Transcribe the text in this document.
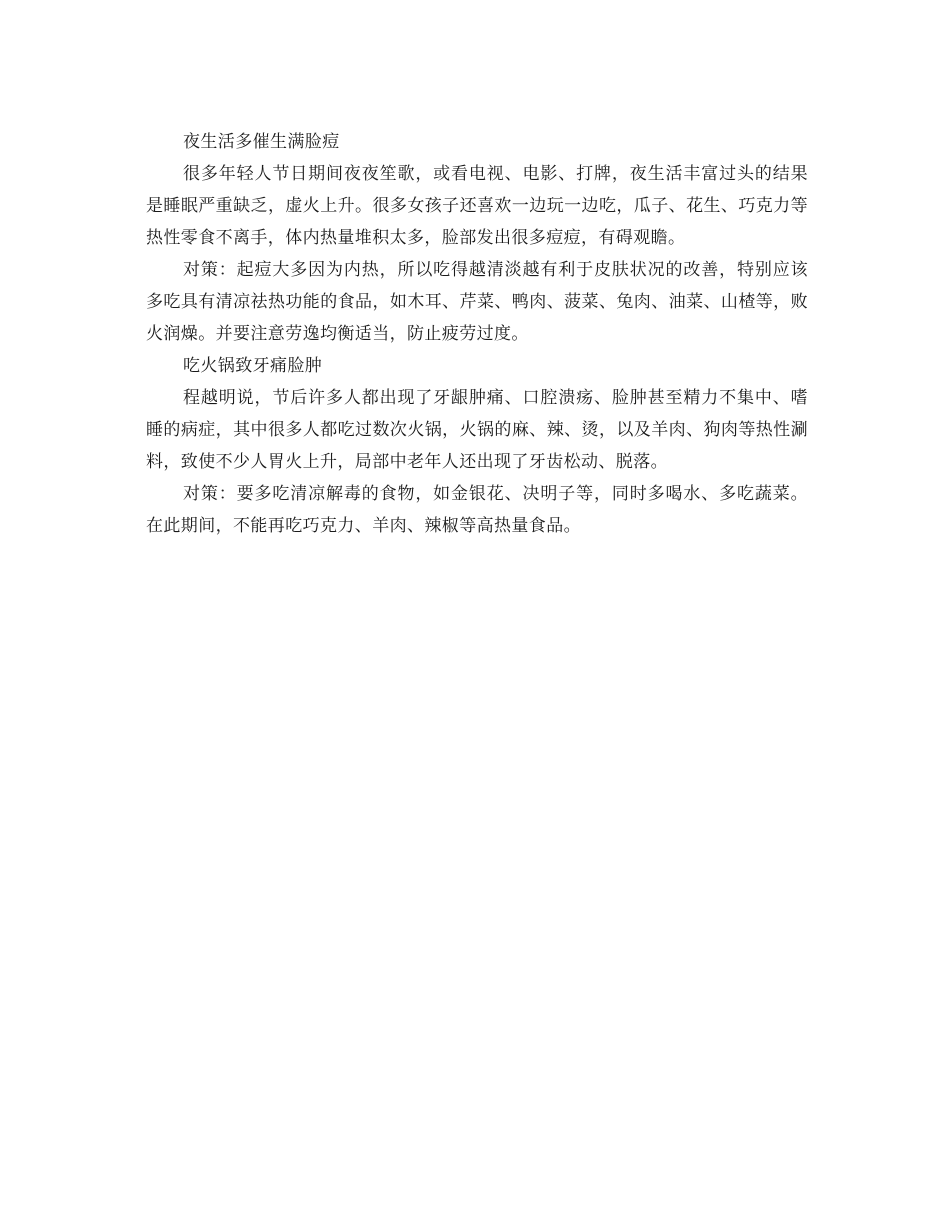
夜生活多催生满脸痘

很多年轻人节日期间夜夜笙歌，或看电视、电影、打牌，夜生活丰富过头的结果是睡眠严重缺乏，虚火上升。很多女孩子还喜欢一边玩一边吃，瓜子、花生、巧克力等热性零食不离手，体内热量堆积太多，脸部发出很多痘痘，有碍观瞻。

对策：起痘大多因为内热，所以吃得越清淡越有利于皮肤状况的改善，特别应该多吃具有清凉祛热功能的食品，如木耳、芹菜、鸭肉、菠菜、兔肉、油菜、山楂等，败火润燥。并要注意劳逸均衡适当，防止疲劳过度。

吃火锅致牙痛脸肿

程越明说，节后许多人都出现了牙龈肿痛、口腔溃疡、脸肿甚至精力不集中、嗜睡的病症，其中很多人都吃过数次火锅，火锅的麻、辣、烫，以及羊肉、狗肉等热性涮料，致使不少人胃火上升，局部中老年人还出现了牙齿松动、脱落。

对策：要多吃清凉解毒的食物，如金银花、决明子等，同时多喝水、多吃蔬菜。在此期间，不能再吃巧克力、羊肉、辣椒等高热量食品。
